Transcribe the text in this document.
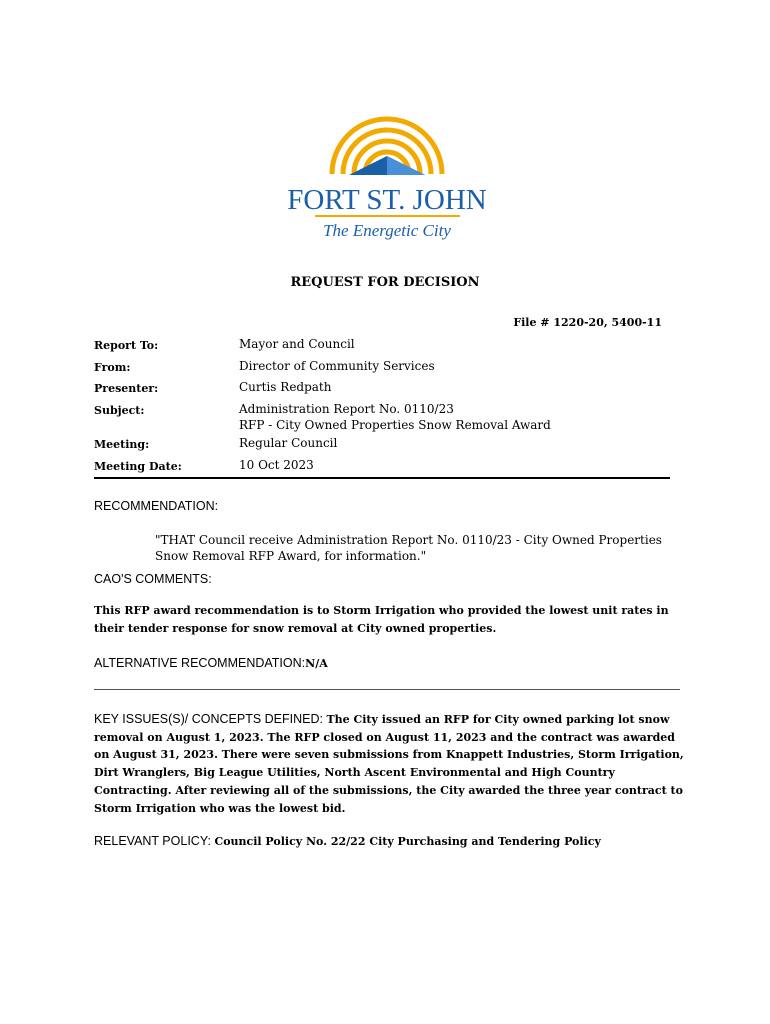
FORT ST. JOHN
The Energetic City
REQUEST FOR DECISION
File # 1220-20, 5400-11
Report To:	Mayor and Council
From:	Director of Community Services
Presenter:	Curtis Redpath
Subject:	Administration Report No. 0110/23
RFP - City Owned Properties Snow Removal Award
Meeting:	Regular Council
Meeting Date:	10 Oct 2023
RECOMMENDATION:
"THAT Council receive Administration Report No. 0110/23 - City Owned Properties Snow Removal RFP Award, for information."
CAO'S COMMENTS:
This RFP award recommendation is to Storm Irrigation who provided the lowest unit rates in their tender response for snow removal at City owned properties.
ALTERNATIVE RECOMMENDATION:N/A
KEY ISSUES(S)/ CONCEPTS DEFINED: The City issued an RFP for City owned parking lot snow removal on August 1, 2023. The RFP closed on August 11, 2023 and the contract was awarded on August 31, 2023. There were seven submissions from Knappett Industries, Storm Irrigation, Dirt Wranglers, Big League Utilities, North Ascent Environmental and High Country Contracting. After reviewing all of the submissions, the City awarded the three year contract to Storm Irrigation who was the lowest bid.
RELEVANT POLICY: Council Policy No. 22/22 City Purchasing and Tendering Policy
